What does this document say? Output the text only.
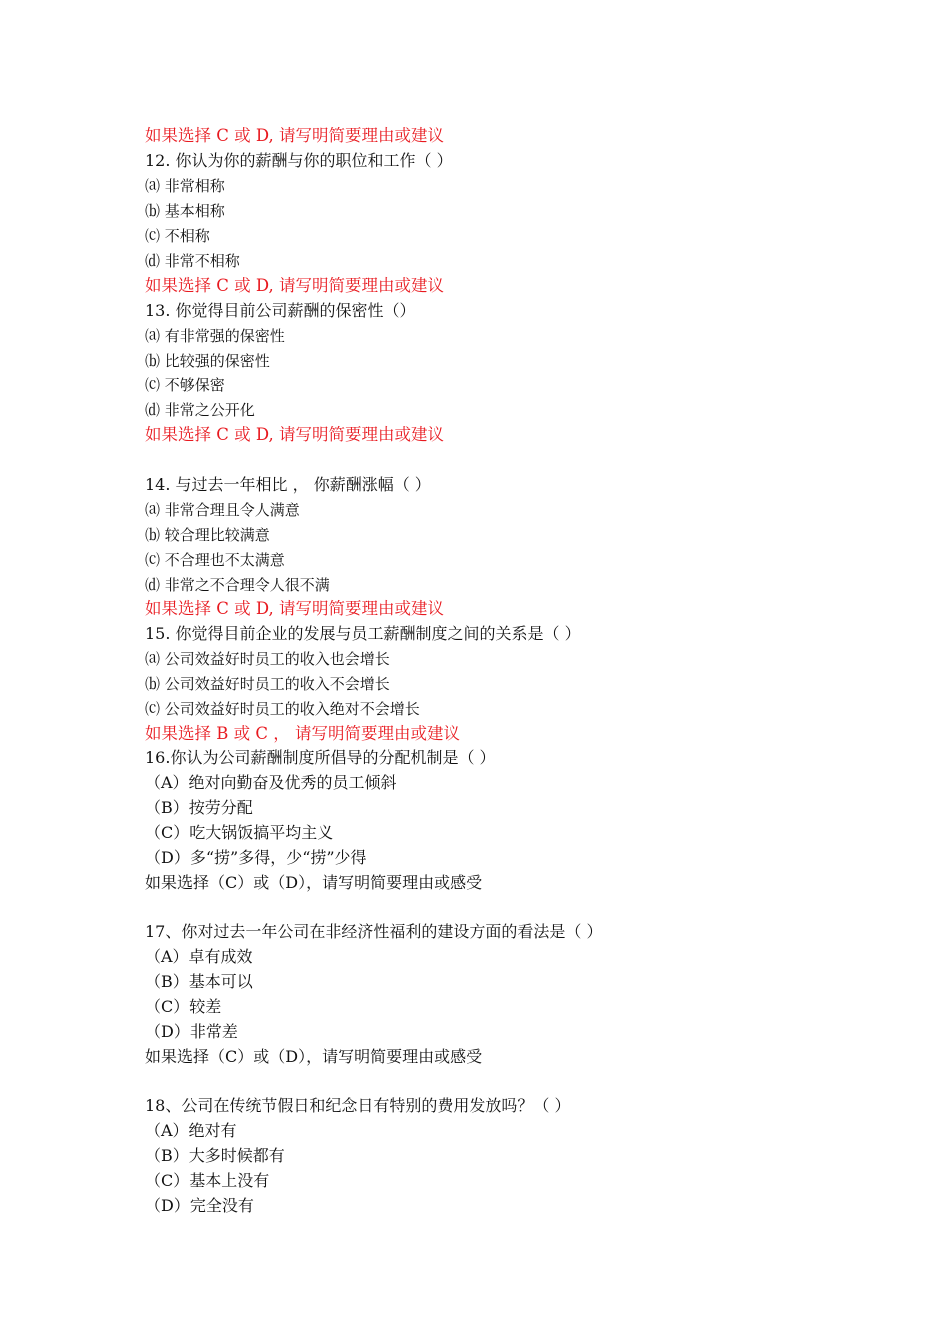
如果选择 C 或 D, 请写明简要理由或建议
12. 你认为你的薪酬与你的职位和工作（ ）
⒜ 非常相称
⒝ 基本相称
⒞ 不相称
⒟ 非常不相称
如果选择 C 或 D, 请写明简要理由或建议
13. 你觉得目前公司薪酬的保密性（）
⒜ 有非常强的保密性
⒝ 比较强的保密性
⒞ 不够保密
⒟ 非常之公开化
如果选择 C 或 D, 请写明简要理由或建议
14. 与过去一年相比 ， 你薪酬涨幅（ ）
⒜ 非常合理且令人满意
⒝ 较合理比较满意
⒞ 不合理也不太满意
⒟ 非常之不合理令人很不满
如果选择 C 或 D, 请写明简要理由或建议
15. 你觉得目前企业的发展与员工薪酬制度之间的关系是（ ）
⒜ 公司效益好时员工的收入也会增长
⒝ 公司效益好时员工的收入不会增长
⒞ 公司效益好时员工的收入绝对不会增长
如果选择 B 或 C ， 请写明简要理由或建议
16.你认为公司薪酬制度所倡导的分配机制是（ ）
（A）绝对向勤奋及优秀的员工倾斜
（B）按劳分配
（C）吃大锅饭搞平均主义
（D）多“捞”多得，少“捞”少得
如果选择（C）或（D），请写明简要理由或感受
17、你对过去一年公司在非经济性福利的建设方面的看法是（ ）
（A）卓有成效
（B）基本可以
（C）较差
（D）非常差
如果选择（C）或（D），请写明简要理由或感受
18、公司在传统节假日和纪念日有特别的费用发放吗？（ ）
（A）绝对有
（B）大多时候都有
（C）基本上没有
（D）完全没有
